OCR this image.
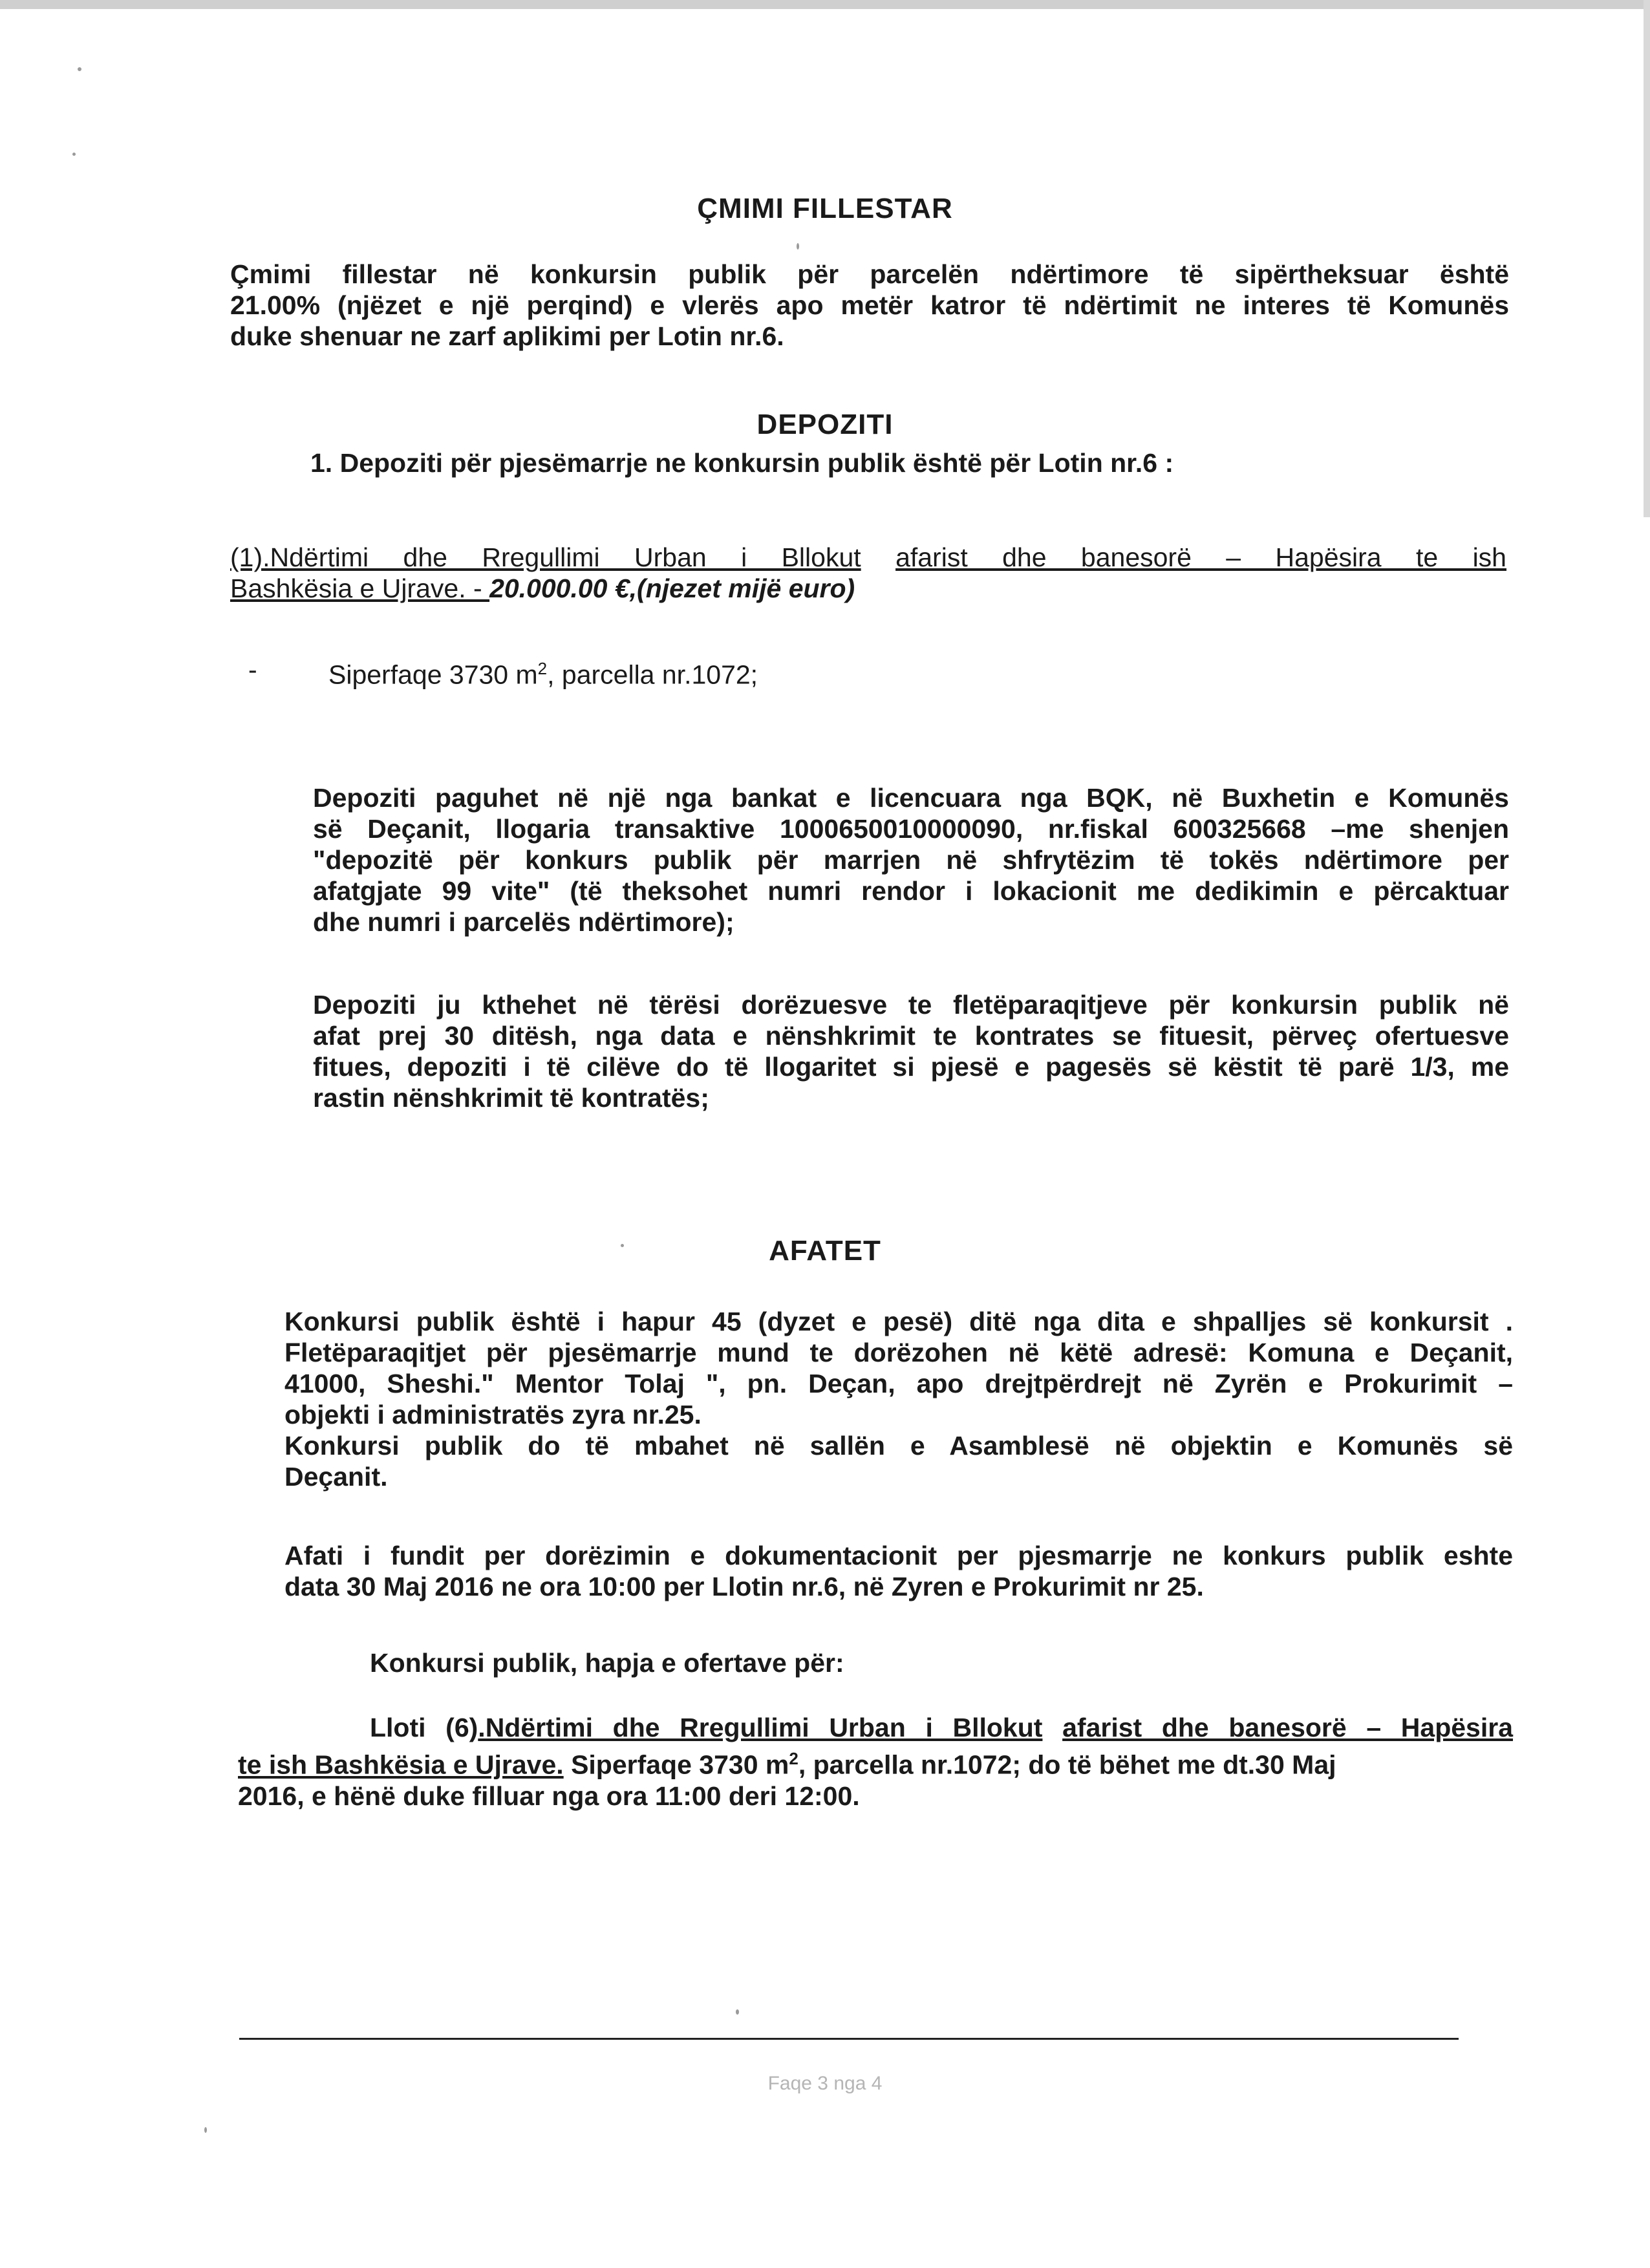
ÇMIMI FILLESTAR
Çmimi fillestar në konkursin publik për parcelën ndërtimore të sipërtheksuar është
21.00% (njëzet e një perqind) e vlerës apo metër katror të ndërtimit ne interes të Komunës
duke shenuar ne zarf aplikimi per Lotin nr.6.
DEPOZITI
1. Depoziti për pjesëmarrje ne konkursin publik është për Lotin nr.6 :
(1).Ndërtimi dhe Rregullimi Urban i Bllokut afarist dhe banesorë – Hapësira te ish
Bashkësia e Ujrave. - 20.000.00 €,(njezet mijë euro)
-	Siperfaqe 3730 $m^2$, parcella nr.1072;
Depoziti paguhet në një nga bankat e licencuara nga BQK, në Buxhetin e Komunës
së Deçanit, llogaria transaktive 1000650010000090, nr.fiskal 600325668 –me shenjen
"depozitë për konkurs publik për marrjen në shfrytëzim të tokës ndërtimore per
afatgjate 99 vite" (të theksohet numri rendor i lokacionit me dedikimin e përcaktuar
dhe numri i parcelës ndërtimore);
Depoziti ju kthehet në tërësi dorëzuesve te fletëparaqitjeve për konkursin publik në
afat prej 30 ditësh, nga data e nënshkrimit te kontrates se fituesit, përveç ofertuesve
fitues, depoziti i të cilëve do të llogaritet si pjesë e pagesës së këstit të parë 1/3, me
rastin nënshkrimit të kontratës;
AFATET
Konkursi publik është i hapur 45 (dyzet e pesë) ditë nga dita e shpalljes së konkursit .
Fletëparaqitjet për pjesëmarrje mund te dorëzohen në këtë adresë: Komuna e Deçanit,
41000, Sheshi." Mentor Tolaj ", pn. Deçan, apo drejtpërdrejt në Zyrën e Prokurimit –
objekti i administratës zyra nr.25.
Konkursi publik do të mbahet në sallën e Asamblesë në objektin e Komunës së
Deçanit.
Afati i fundit per dorëzimin e dokumentacionit per pjesmarrje ne konkurs publik eshte
data 30 Maj 2016 ne ora 10:00 per Llotin nr.6, në Zyren e Prokurimit nr 25.
Konkursi publik, hapja e ofertave për:
Lloti (6).Ndërtimi dhe Rregullimi Urban i Bllokut afarist dhe banesorë – Hapësira
te ish Bashkësia e Ujrave. Siperfaqe 3730 $m^2$, parcella nr.1072; do të bëhet me dt.30 Maj
2016, e hënë duke filluar nga ora 11:00 deri 12:00.
Faqe 3 nga 4
